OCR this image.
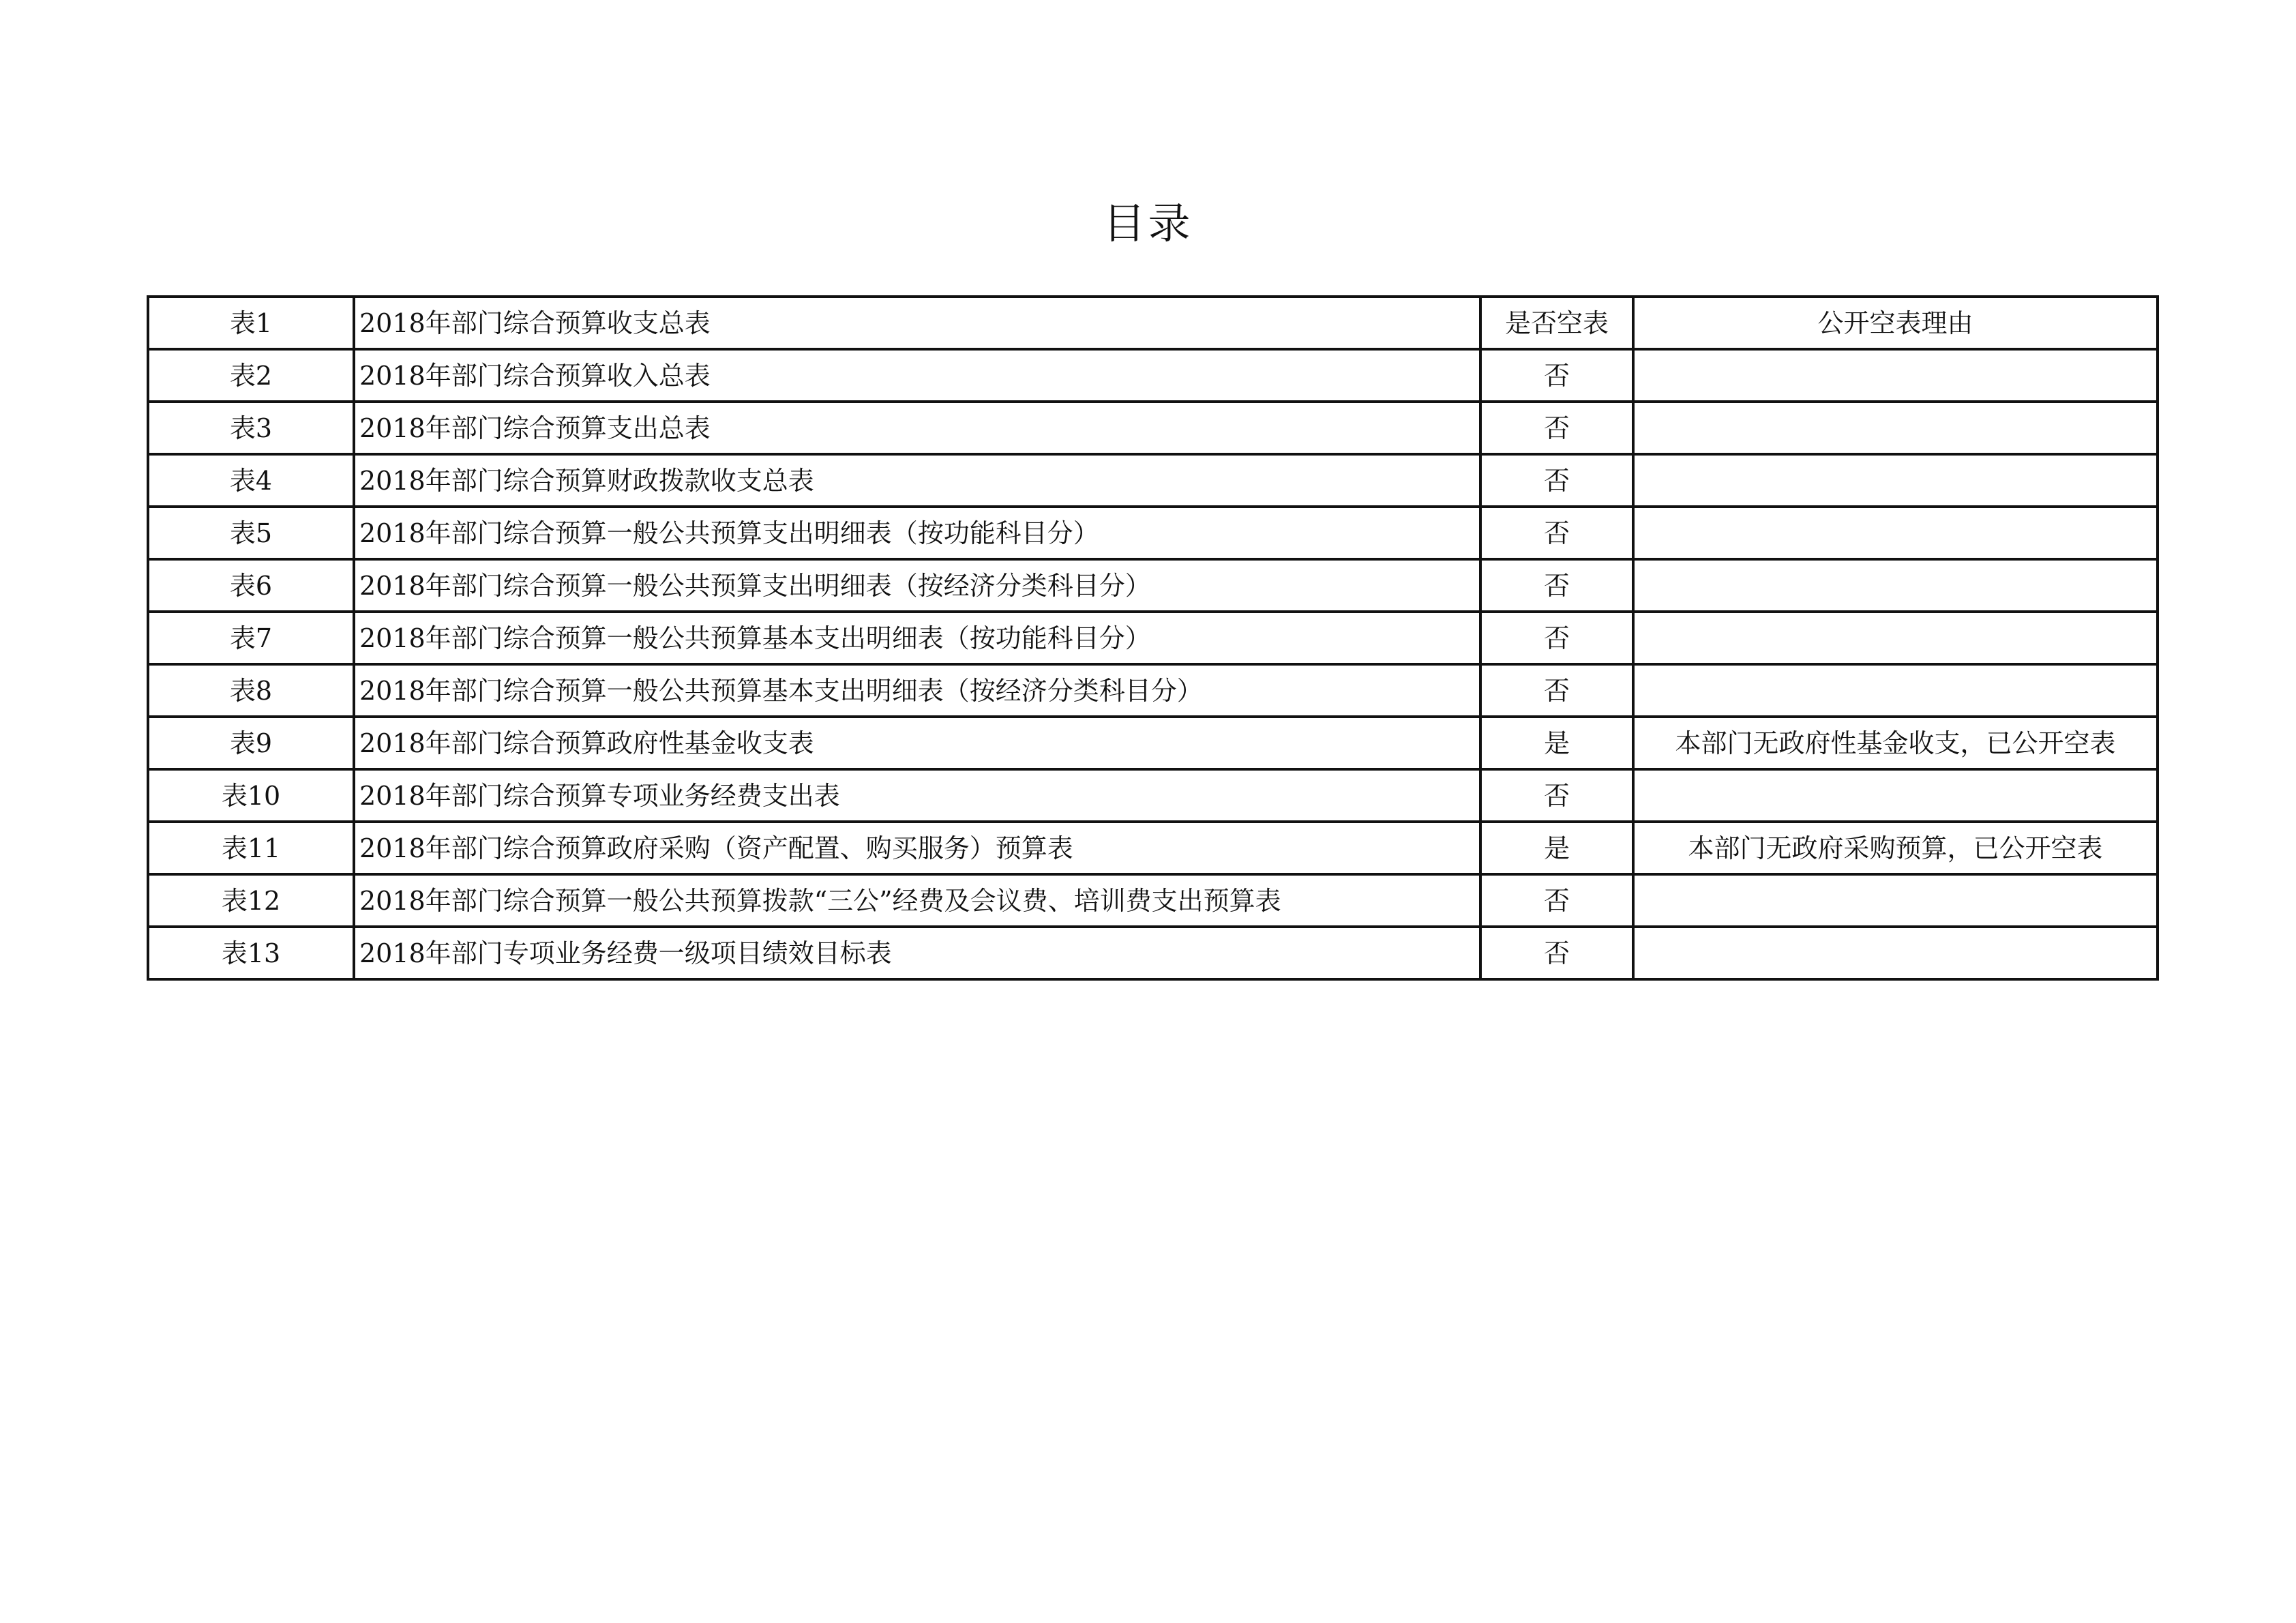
目录
表1	2018年部门综合预算收支总表	是否空表	公开空表理由
表2	2018年部门综合预算收入总表	否	
表3	2018年部门综合预算支出总表	否	
表4	2018年部门综合预算财政拨款收支总表	否	
表5	2018年部门综合预算一般公共预算支出明细表（按功能科目分）	否	
表6	2018年部门综合预算一般公共预算支出明细表（按经济分类科目分）	否	
表7	2018年部门综合预算一般公共预算基本支出明细表（按功能科目分）	否	
表8	2018年部门综合预算一般公共预算基本支出明细表（按经济分类科目分）	否	
表9	2018年部门综合预算政府性基金收支表	是	本部门无政府性基金收支，已公开空表
表10	2018年部门综合预算专项业务经费支出表	否	
表11	2018年部门综合预算政府采购（资产配置、购买服务）预算表	是	本部门无政府采购预算，已公开空表
表12	2018年部门综合预算一般公共预算拨款“三公”经费及会议费、培训费支出预算表	否	
表13	2018年部门专项业务经费一级项目绩效目标表	否	
